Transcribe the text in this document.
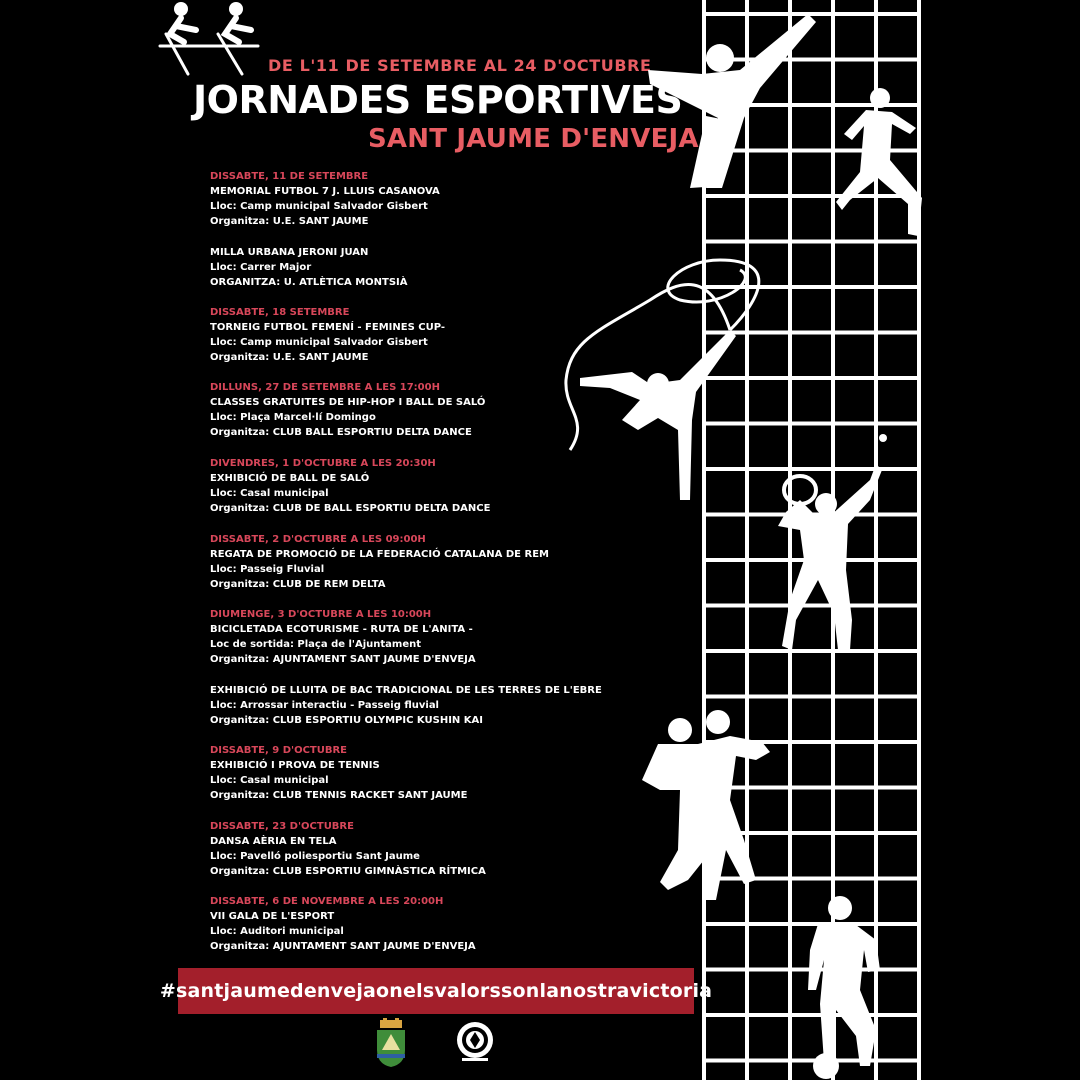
DE L'11 DE SETEMBRE AL 24 D'OCTUBRE
JORNADES ESPORTIVES
SANT JAUME D'ENVEJA
DISSABTE, 11 DE SETEMBRE
MEMORIAL FUTBOL 7 J. LLUIS CASANOVA
Lloc: Camp municipal Salvador Gisbert
Organitza: U.E. SANT JAUME
MILLA URBANA JERONI JUAN
Lloc: Carrer Major
ORGANITZA: U. ATLÈTICA MONTSIÀ
DISSABTE, 18 SETEMBRE
TORNEIG FUTBOL FEMENÍ - FEMINES CUP-
Lloc: Camp municipal Salvador Gisbert
Organitza: U.E. SANT JAUME
DILLUNS, 27 DE SETEMBRE A LES 17:00H
CLASSES GRATUITES DE HIP-HOP I BALL DE SALÓ
Lloc: Plaça Marcel·lí Domingo
Organitza: CLUB BALL ESPORTIU DELTA DANCE
DIVENDRES, 1 D'OCTUBRE A LES 20:30H
EXHIBICIÓ DE BALL DE SALÓ
Lloc: Casal municipal
Organitza: CLUB DE BALL ESPORTIU DELTA DANCE
DISSABTE, 2 D'OCTUBRE A LES 09:00H
REGATA DE PROMOCIÓ DE LA FEDERACIÓ CATALANA DE REM
Lloc: Passeig Fluvial
Organitza: CLUB DE REM DELTA
DIUMENGE, 3 D'OCTUBRE A LES 10:00H
BICICLETADA ECOTURISME - RUTA DE L'ANITA -
Loc de sortida: Plaça de l'Ajuntament
Organitza: AJUNTAMENT SANT JAUME D'ENVEJA
EXHIBICIÓ DE LLUITA DE BAC TRADICIONAL DE LES TERRES DE L'EBRE
Lloc: Arrossar interactiu - Passeig fluvial
Organitza: CLUB ESPORTIU OLYMPIC KUSHIN KAI
DISSABTE, 9 D'OCTUBRE
EXHIBICIÓ I PROVA DE TENNIS
Lloc: Casal municipal
Organitza: CLUB TENNIS RACKET SANT JAUME
DISSABTE, 23 D'OCTUBRE
DANSA AÈRIA EN TELA
Lloc: Pavelló poliesportiu Sant Jaume
Organitza: CLUB ESPORTIU GIMNÀSTICA RÍTMICA
DISSABTE, 6 DE NOVEMBRE A LES 20:00H
VII GALA DE L'ESPORT
Lloc: Auditori municipal
Organitza: AJUNTAMENT SANT JAUME D'ENVEJA
#santjaumedenvejaonelsvalorssonlanostravictoria
